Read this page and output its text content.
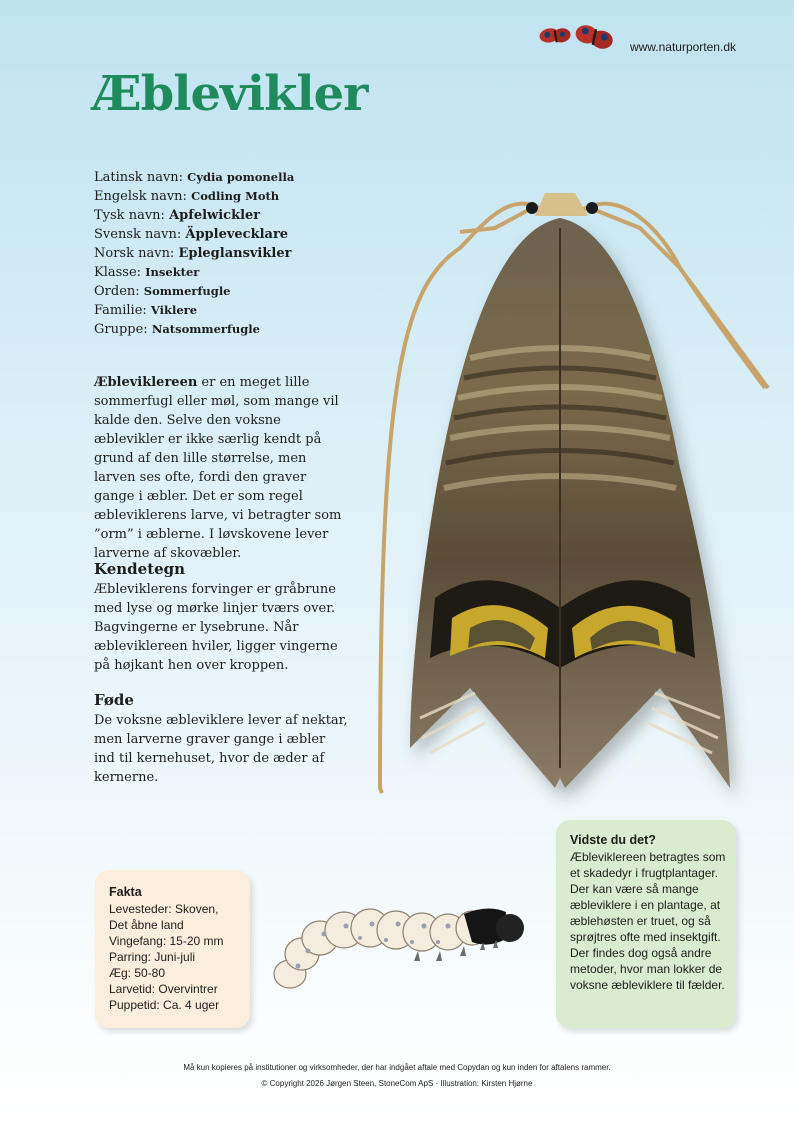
www.naturporten.dk
Æblevikler
Latinsk navn: Cydia pomonella
Engelsk navn: Codling Moth
Tysk navn: Apfelwickler
Svensk navn: Äpplevecklare
Norsk navn: Epleglansvikler
Klasse: Insekter
Orden: Sommerfugle
Familie: Viklere
Gruppe: Natsommerfugle

Æbleviklereen er en meget lille sommerfugl eller møl, som mange vil kalde den. Selve den voksne æblevikler er ikke særlig kendt på grund af den lille størrelse, men larven ses ofte, fordi den graver gange i æbler. Det er som regel æbleviklerens larve, vi betragter som ”orm” i æblerne. I løvskovene lever larverne af skovæbler.

Kendetegn

Æbleviklerens forvinger er gråbrune med lyse og mørke linjer tværs over. Bagvingerne er lysebrune. Når æbleviklereen hviler, ligger vingerne på højkant hen over kroppen.

Føde

De voksne æbleviklere lever af nektar, men larverne graver gange i æbler ind til kernehuset, hvor de æder af kernerne.

Fakta
Levesteder: Skoven,
Det åbne land
Vingefang: 15-20 mm
Parring: Juni-juli
Æg: 50-80
Larvetid: Overvintrer
Puppetid: Ca. 4 uger
Vidste du det?
Æbleviklereen betragtes som et skadedyr i frugtplantager. Der kan være så mange æbleviklere i en plantage, at æblehøsten er truet, og så sprøjtres ofte med insektgift. Der findes dog også andre metoder, hvor man lokker de voksne æbleviklere til fælder.
Må kun kopieres på institutioner og virksomheder, der har indgået aftale med Copydan og kun inden for aftalens rammer.
© Copyright 2026 Jørgen Steen, StoneCom ApS · Illustration: Kirsten Hjørne
